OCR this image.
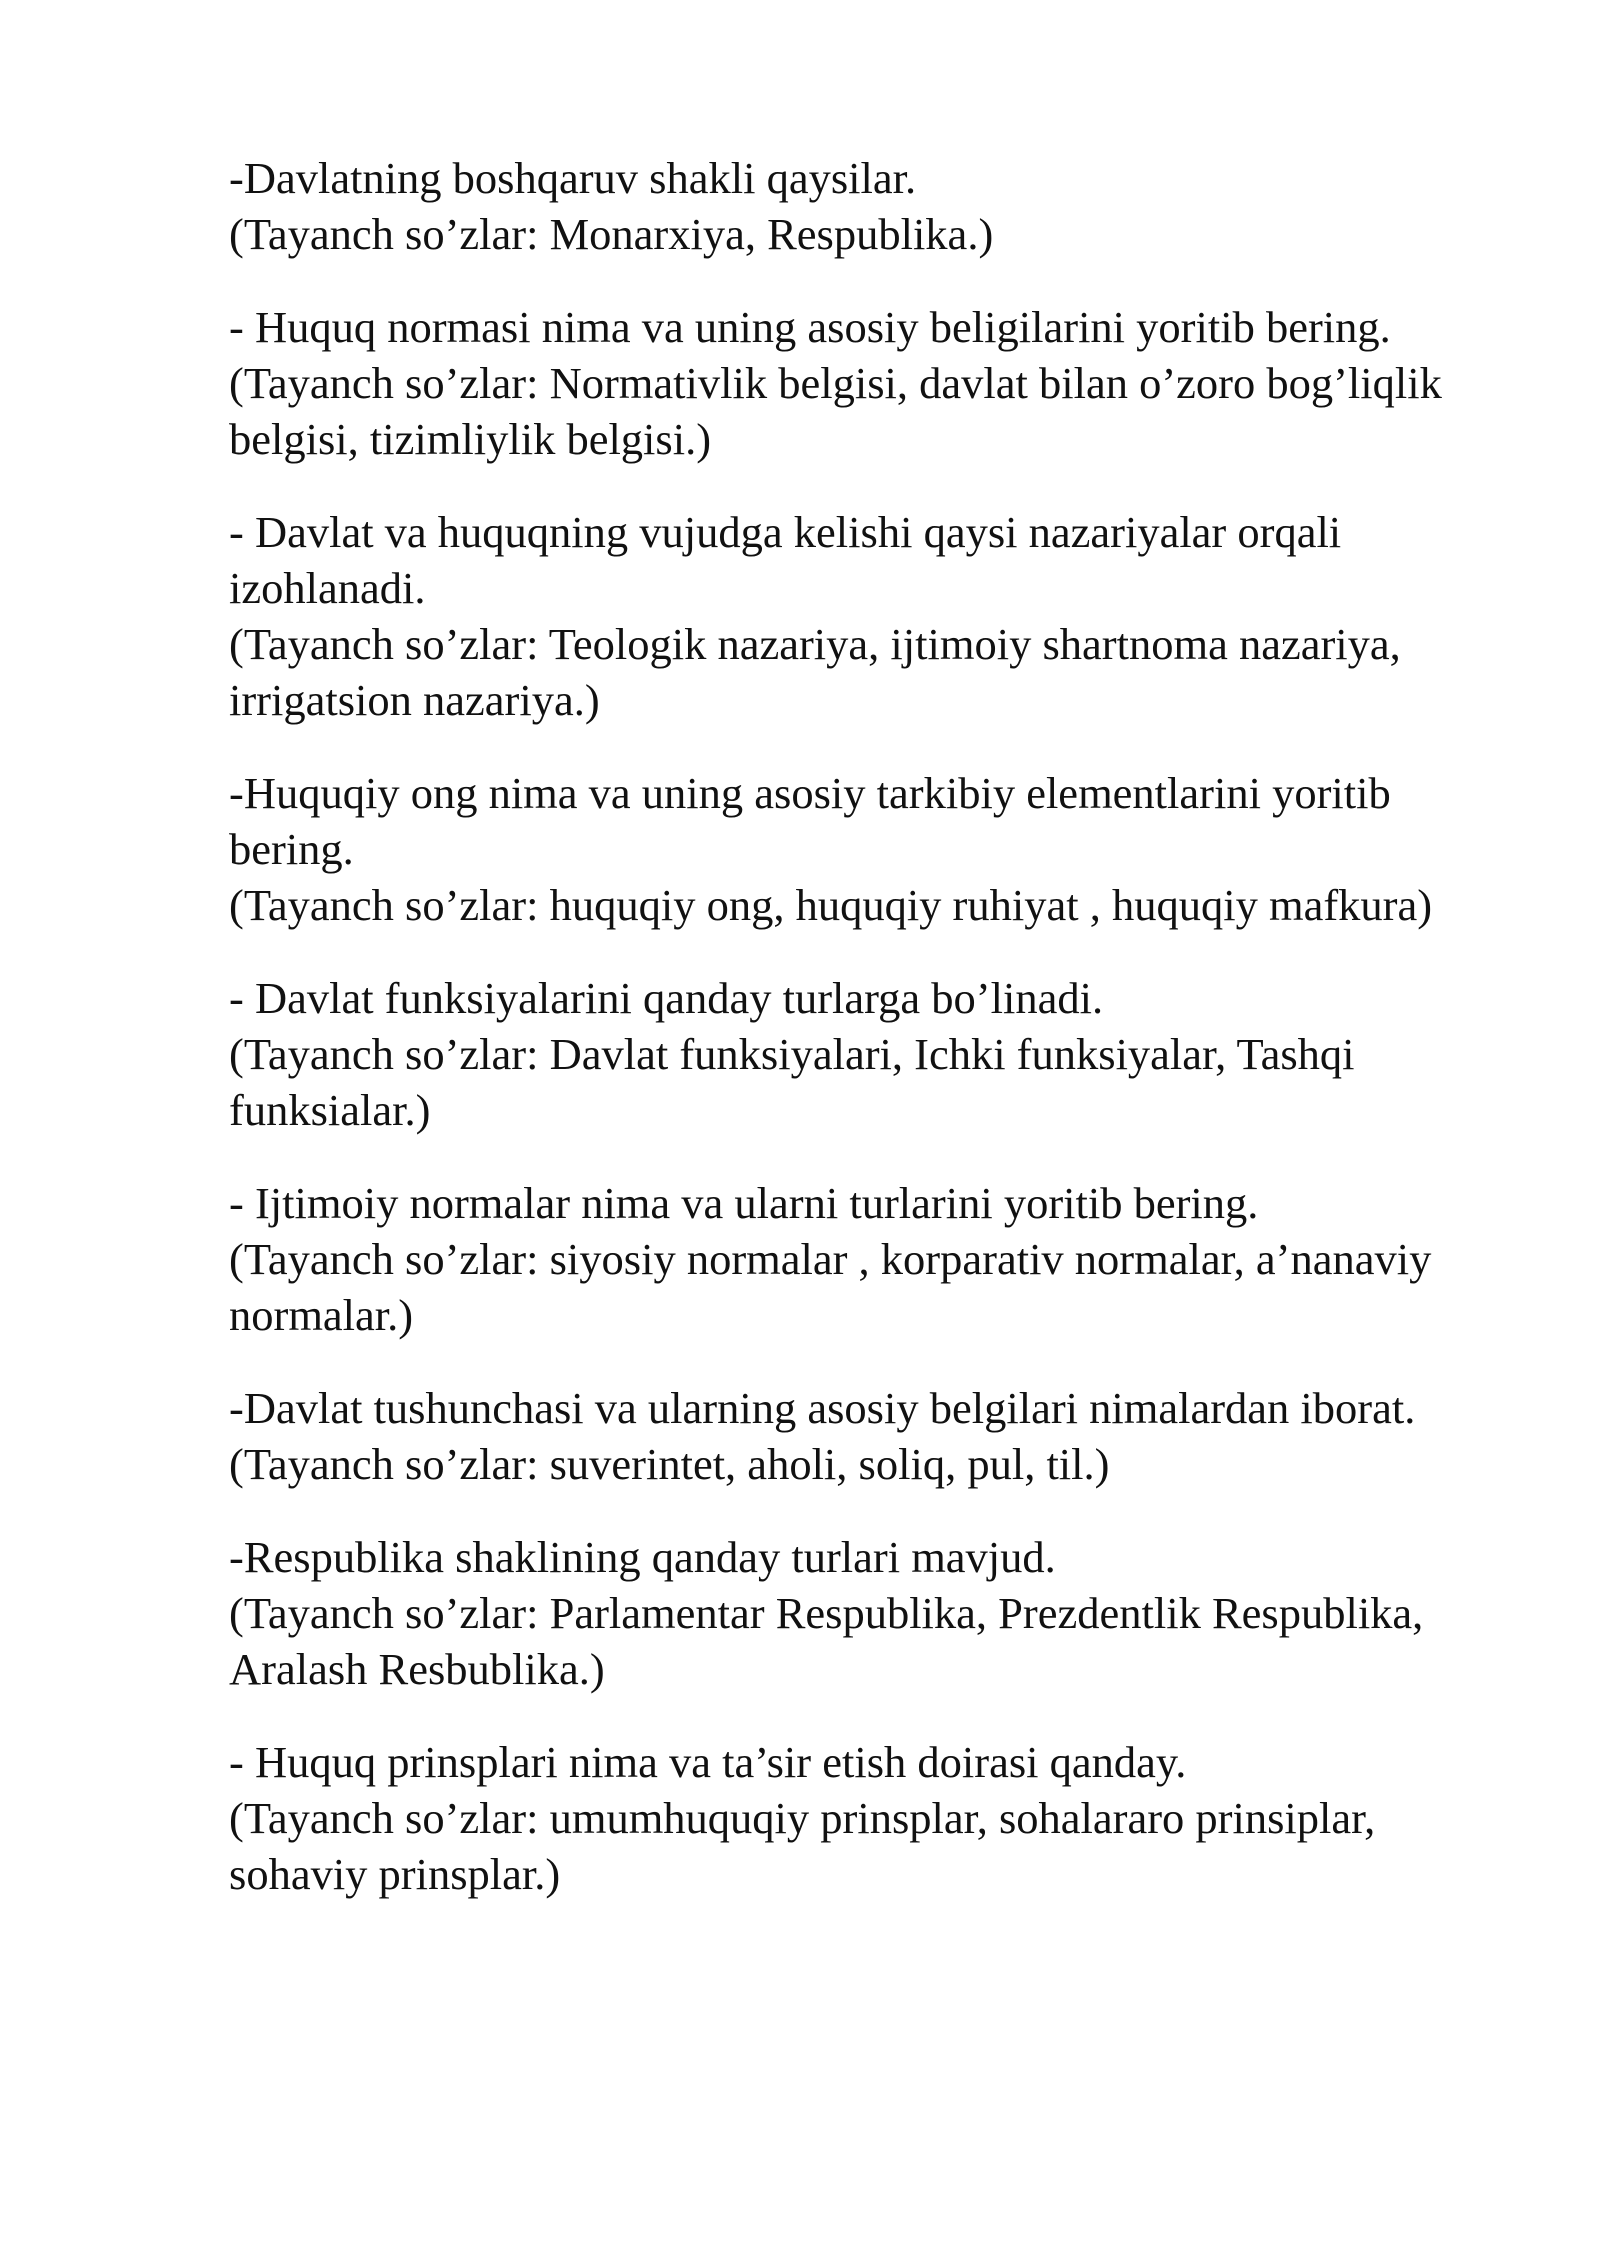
-Davlatning boshqaruv shakli qaysilar.
(Tayanch so’zlar: Monarxiya, Respublika.)
- Huquq normasi nima va uning asosiy beligilarini yoritib bering.
(Tayanch so’zlar: Normativlik belgisi, davlat bilan o’zoro bog’liqlik belgisi, tizimliylik belgisi.)
- Davlat va huquqning vujudga kelishi qaysi nazariyalar orqali izohlanadi.
(Tayanch so’zlar: Teologik nazariya, ijtimoiy shartnoma nazariya, irrigatsion nazariya.)
-Huquqiy ong nima va uning asosiy tarkibiy elementlarini yoritib bering.
(Tayanch so’zlar: huquqiy ong, huquqiy ruhiyat , huquqiy mafkura)
- Davlat funksiyalarini qanday turlarga bo’linadi.
(Tayanch so’zlar: Davlat funksiyalari, Ichki funksiyalar, Tashqi funksialar.)
- Ijtimoiy normalar nima va ularni turlarini yoritib bering.
(Tayanch so’zlar: siyosiy normalar , korparativ normalar, a’nanaviy normalar.)
-Davlat tushunchasi va ularning asosiy belgilari nimalardan iborat.
(Tayanch so’zlar: suverintet, aholi, soliq, pul, til.)
-Respublika shaklining qanday turlari mavjud.
(Tayanch so’zlar: Parlamentar Respublika, Prezdentlik Respublika, Aralash Resbublika.)
- Huquq prinsplari nima va ta’sir etish doirasi qanday.
(Tayanch so’zlar: umumhuquqiy prinsplar, sohalararo prinsiplar, sohaviy prinsplar.)
